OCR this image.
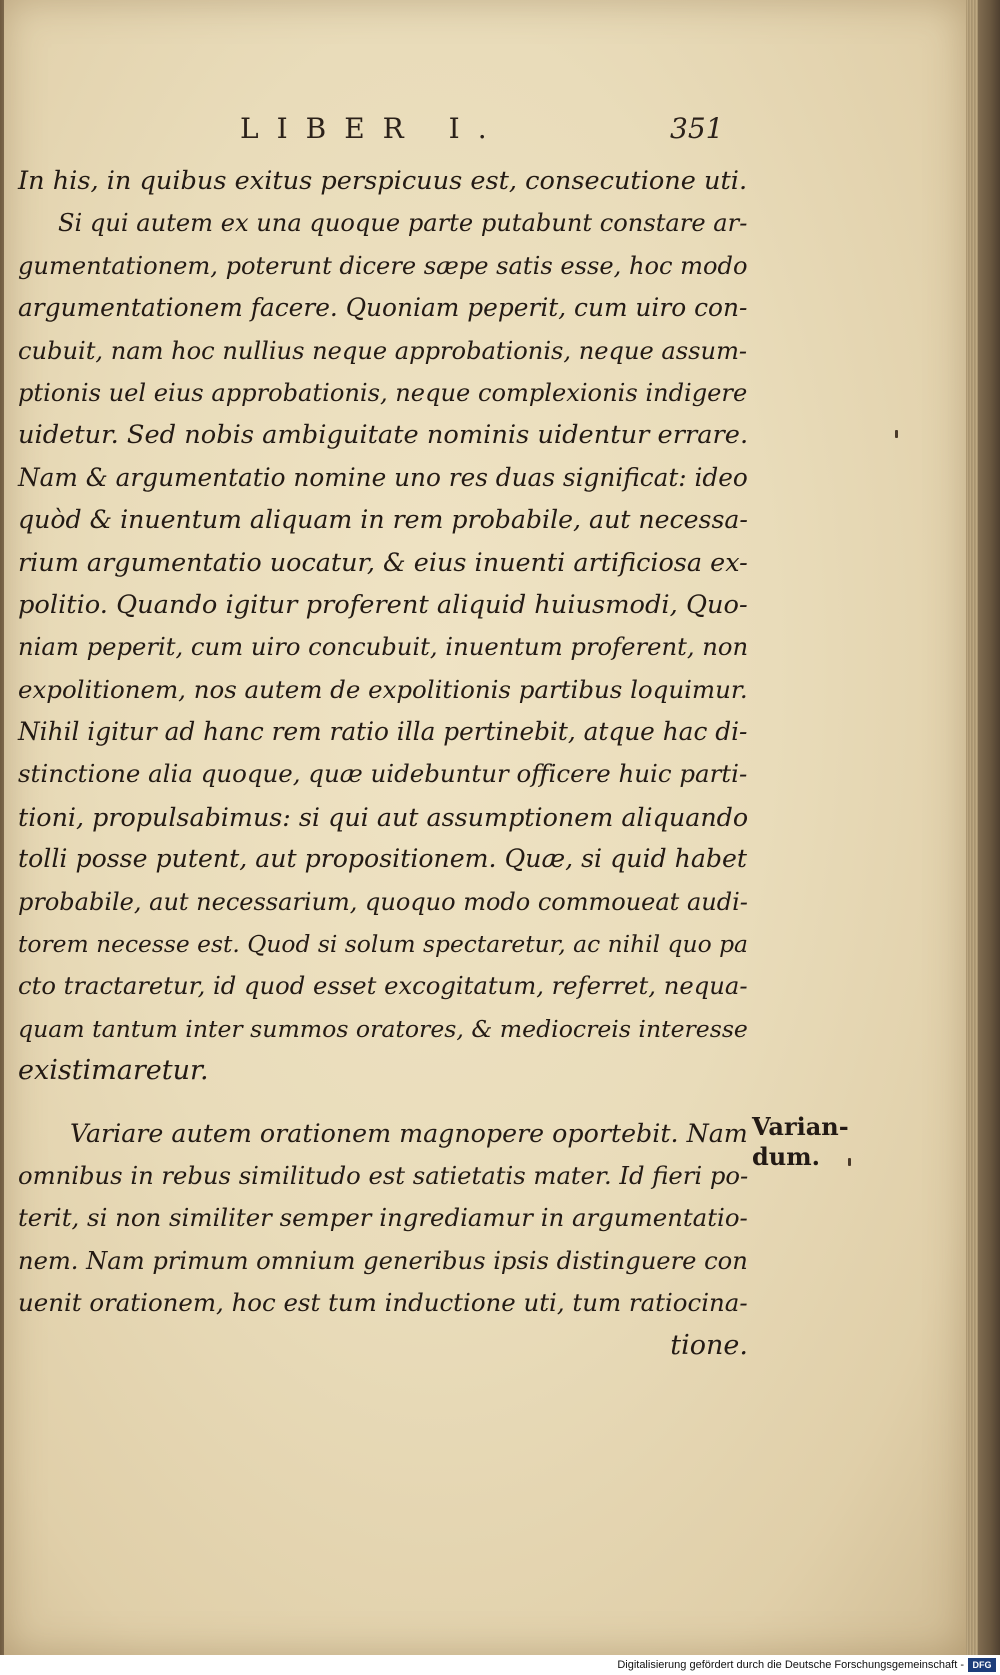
LIBER I.	351
In his, in quibus exitus perspicuus est, consecutione uti.
Si qui autem ex una quoque parte putabunt constare ar-
gumentationem, poterunt dicere sæpe satis esse, hoc modo
argumentationem facere. Quoniam peperit, cum uiro con-
cubuit, nam hoc nullius neque approbationis, neque assum-
ptionis uel eius approbationis, neque complexionis indigere
uidetur. Sed nobis ambiguitate nominis uidentur errare.
Nam & argumentatio nomine uno res duas significat: ideo
quòd & inuentum aliquam in rem probabile, aut necessa-
rium argumentatio uocatur, & eius inuenti artificiosa ex-
politio. Quando igitur proferent aliquid huiusmodi, Quo-
niam peperit, cum uiro concubuit, inuentum proferent, non
expolitionem, nos autem de expolitionis partibus loquimur.
Nihil igitur ad hanc rem ratio illa pertinebit, atque hac di-
stinctione alia quoque, quæ uidebuntur officere huic parti-
tioni, propulsabimus: si qui aut assumptionem aliquando
tolli posse putent, aut propositionem. Quæ, si quid habet
probabile, aut necessarium, quoquo modo commoueat audi-
torem necesse est. Quod si solum spectaretur, ac nihil quo pa
cto tractaretur, id quod esset excogitatum, referret, nequa-
quam tantum inter summos oratores, & mediocreis interesse
existimaretur.
Variare autem orationem magnopere oportebit. Nam
omnibus in rebus similitudo est satietatis mater. Id fieri po-
terit, si non similiter semper ingrediamur in argumentatio-
nem. Nam primum omnium generibus ipsis distinguere con
uenit orationem, hoc est tum inductione uti, tum ratiocina-
tione.
Varian-
dum.
Digitalisierung gefördert durch die Deutsche Forschungsgemeinschaft - DFG
